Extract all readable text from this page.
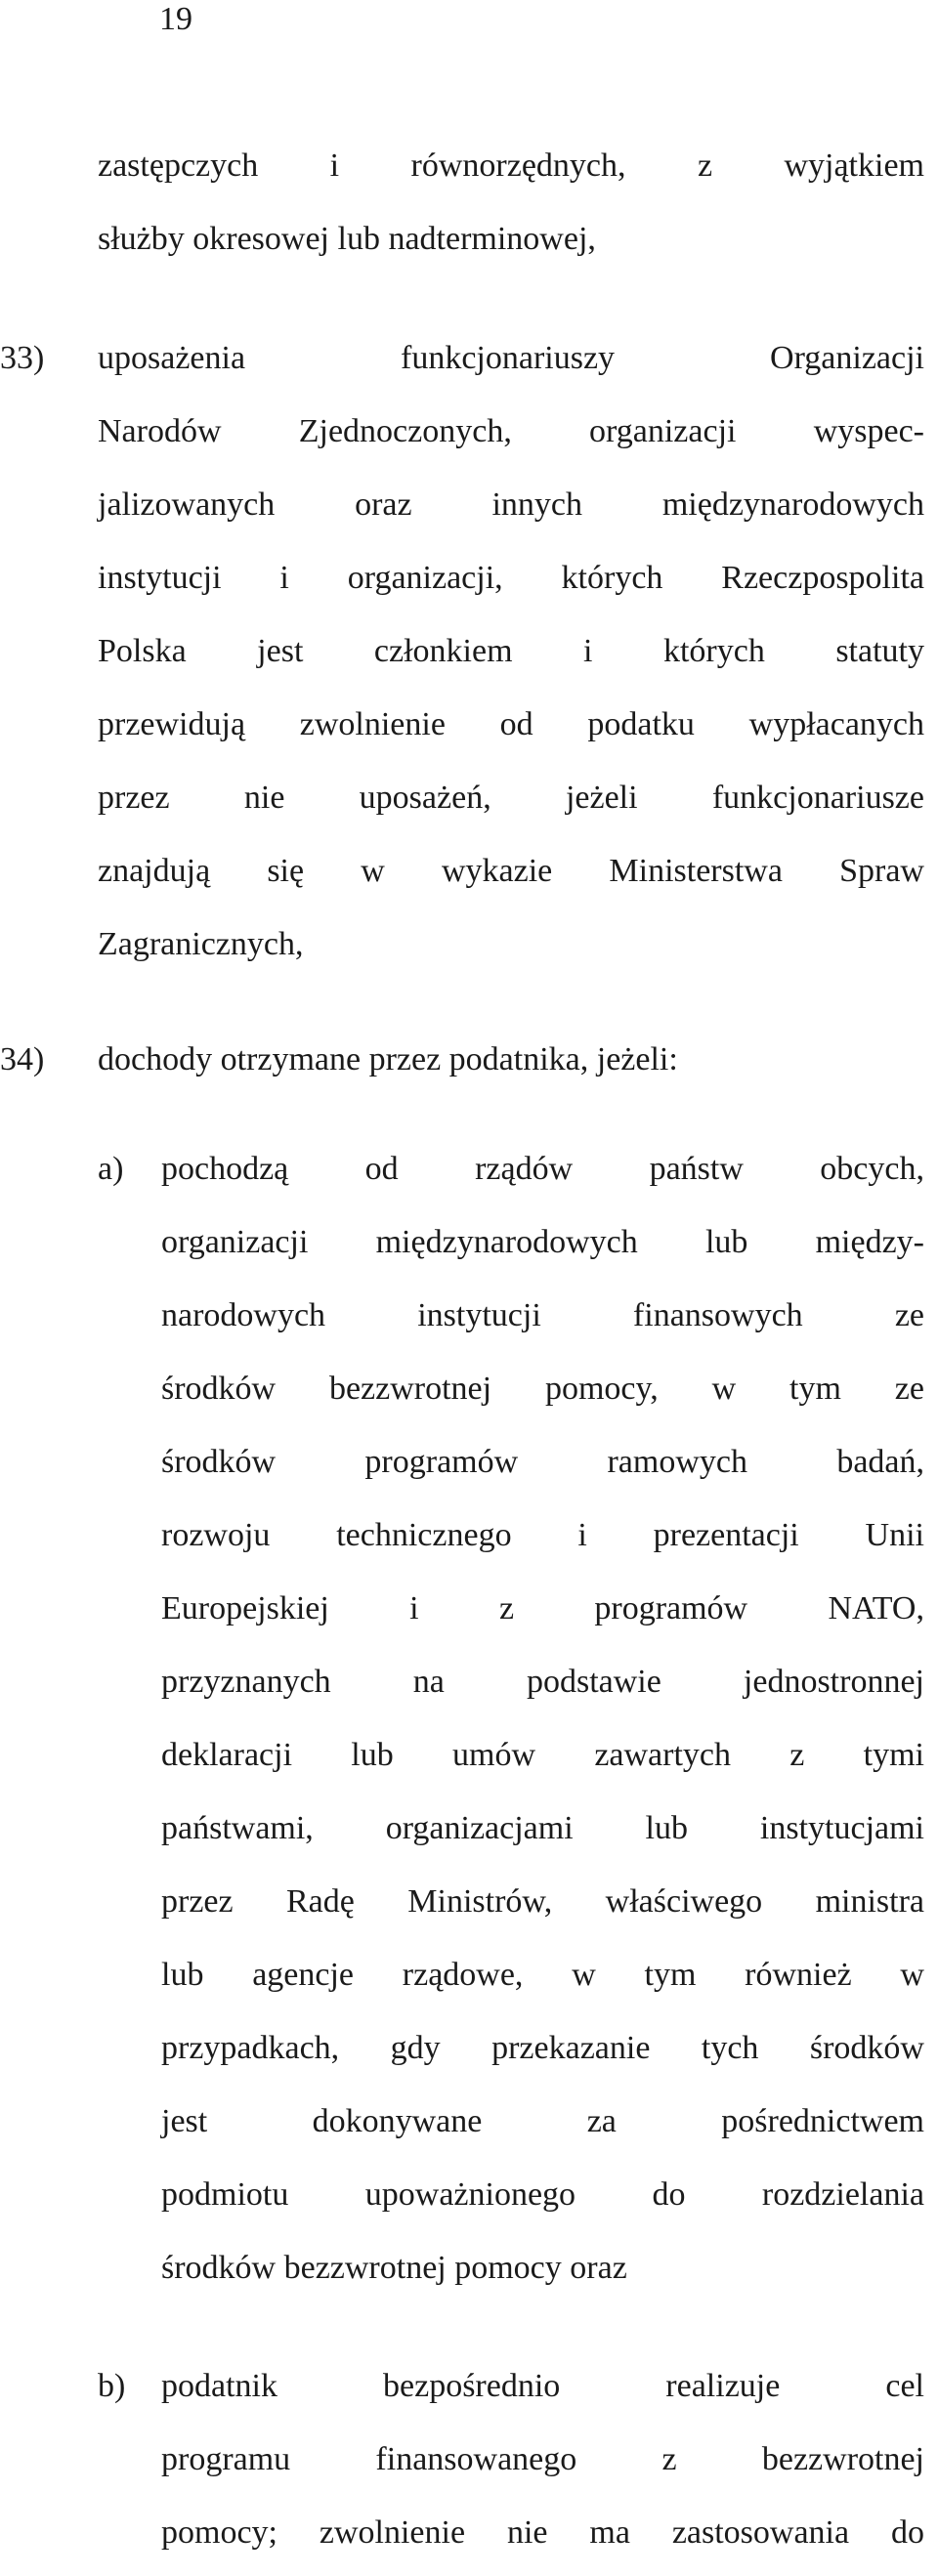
19
zastępczych i równorzędnych, z wyjątkiem
służby okresowej lub nadterminowej,
33) uposażenia funkcjonariuszy Organizacji
Narodów Zjednoczonych, organizacji wyspec-
jalizowanych oraz innych międzynarodowych
instytucji i organizacji, których Rzeczpospolita
Polska jest członkiem i których statuty
przewidują zwolnienie od podatku wypłacanych
przez nie uposażeń, jeżeli funkcjonariusze
znajdują się w wykazie Ministerstwa Spraw
Zagranicznych,
34) dochody otrzymane przez podatnika, jeżeli:
a) pochodzą od rządów państw obcych,
organizacji międzynarodowych lub między-
narodowych instytucji finansowych ze
środków bezzwrotnej pomocy, w tym ze
środków programów ramowych badań,
rozwoju technicznego i prezentacji Unii
Europejskiej i z programów NATO,
przyznanych na podstawie jednostronnej
deklaracji lub umów zawartych z tymi
państwami, organizacjami lub instytucjami
przez Radę Ministrów, właściwego ministra
lub agencje rządowe, w tym również w
przypadkach, gdy przekazanie tych środków
jest dokonywane za pośrednictwem
podmiotu upoważnionego do rozdzielania
środków bezzwrotnej pomocy oraz
b) podatnik bezpośrednio realizuje cel
programu finansowanego z bezzwrotnej
pomocy; zwolnienie nie ma zastosowania do
